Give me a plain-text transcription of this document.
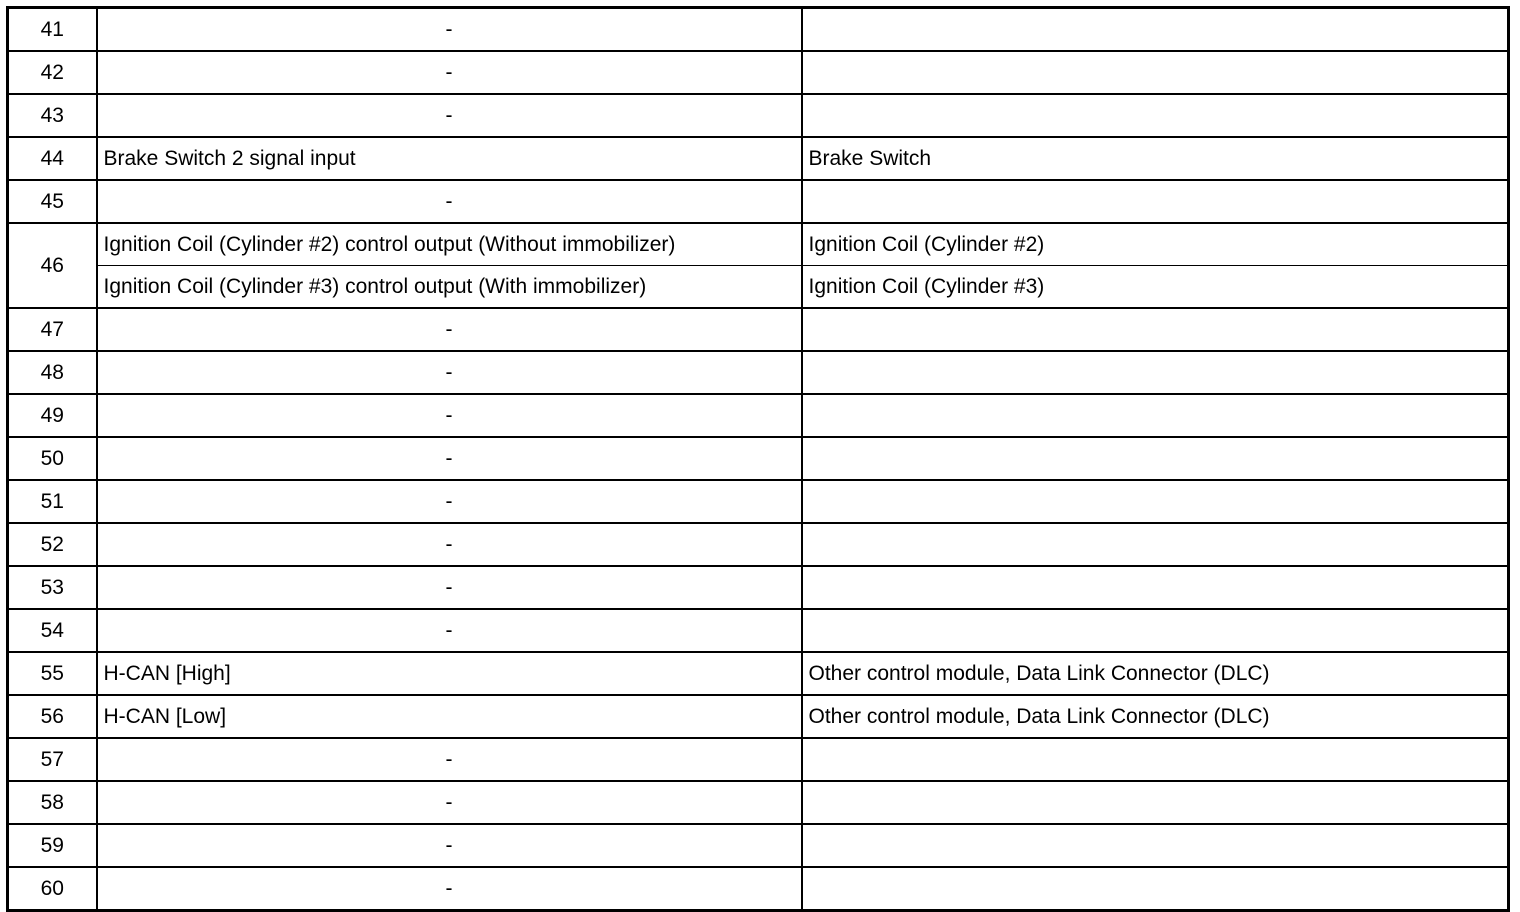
41	-	
42	-	
43	-	
44	Brake Switch 2 signal input	Brake Switch
45	-	
46	Ignition Coil (Cylinder #2) control output (Without immobilizer)	Ignition Coil (Cylinder #2)
	Ignition Coil (Cylinder #3) control output (With immobilizer)	Ignition Coil (Cylinder #3)
47	-	
48	-	
49	-	
50	-	
51	-	
52	-	
53	-	
54	-	
55	H-CAN [High]	Other control module, Data Link Connector (DLC)
56	H-CAN [Low]	Other control module, Data Link Connector (DLC)
57	-	
58	-	
59	-	
60	-	
